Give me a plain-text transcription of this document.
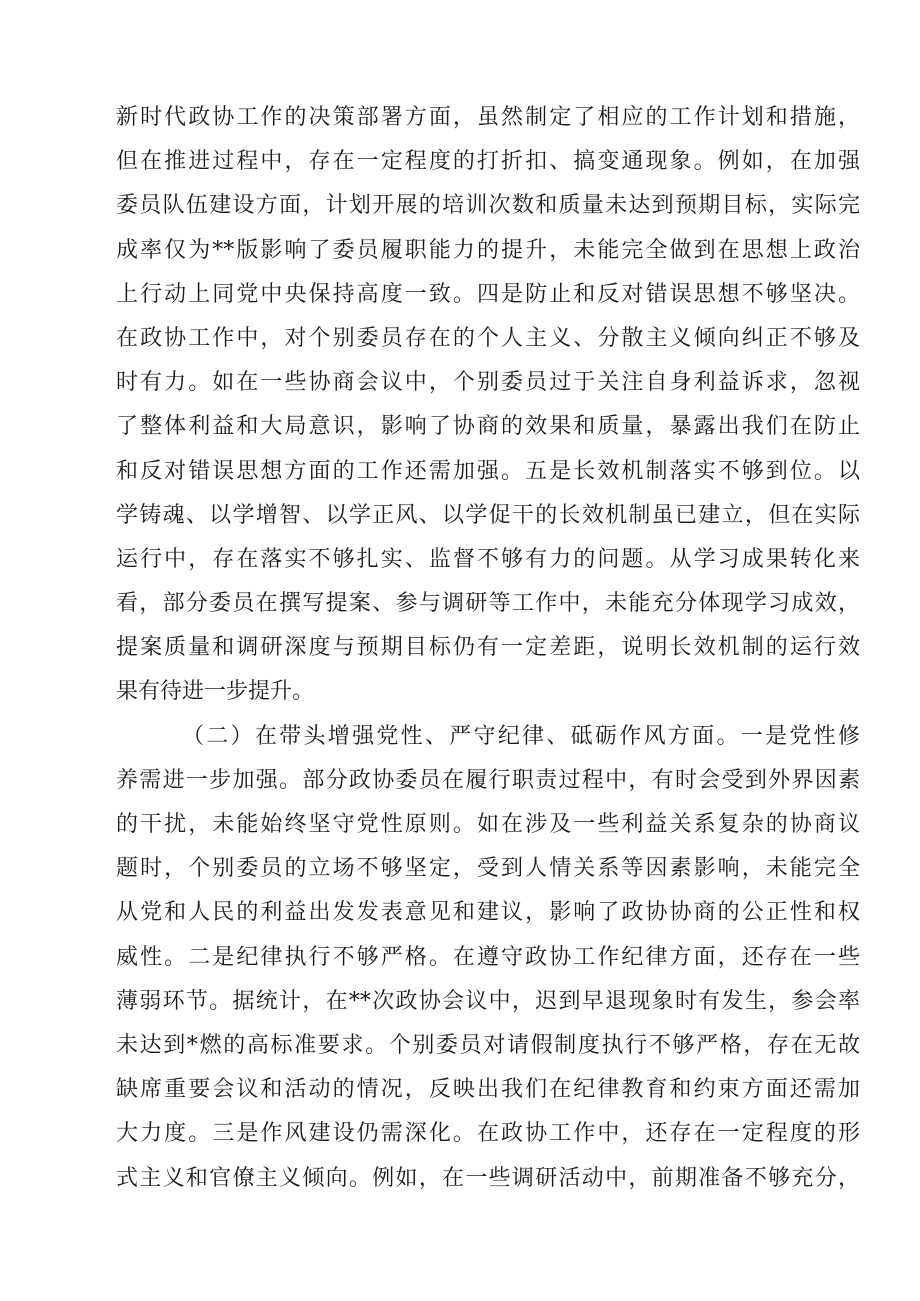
新时代政协工作的决策部署方面，虽然制定了相应的工作计划和措施，
但在推进过程中，存在一定程度的打折扣、搞变通现象。例如，在加强
委员队伍建设方面，计划开展的培训次数和质量未达到预期目标，实际完
成率仅为**版影响了委员履职能力的提升，未能完全做到在思想上政治
上行动上同党中央保持高度一致。四是防止和反对错误思想不够坚决。
在政协工作中，对个别委员存在的个人主义、分散主义倾向纠正不够及
时有力。如在一些协商会议中，个别委员过于关注自身利益诉求，忽视
了整体利益和大局意识，影响了协商的效果和质量，暴露出我们在防止
和反对错误思想方面的工作还需加强。五是长效机制落实不够到位。以
学铸魂、以学增智、以学正风、以学促干的长效机制虽已建立，但在实际
运行中，存在落实不够扎实、监督不够有力的问题。从学习成果转化来
看，部分委员在撰写提案、参与调研等工作中，未能充分体现学习成效，
提案质量和调研深度与预期目标仍有一定差距，说明长效机制的运行效
果有待进一步提升。
（二）在带头增强党性、严守纪律、砥砺作风方面。一是党性修
养需进一步加强。部分政协委员在履行职责过程中，有时会受到外界因素
的干扰，未能始终坚守党性原则。如在涉及一些利益关系复杂的协商议
题时，个别委员的立场不够坚定，受到人情关系等因素影响，未能完全
从党和人民的利益出发发表意见和建议，影响了政协协商的公正性和权
威性。二是纪律执行不够严格。在遵守政协工作纪律方面，还存在一些
薄弱环节。据统计，在**次政协会议中，迟到早退现象时有发生，参会率
未达到*燃的高标准要求。个别委员对请假制度执行不够严格，存在无故
缺席重要会议和活动的情况，反映出我们在纪律教育和约束方面还需加
大力度。三是作风建设仍需深化。在政协工作中，还存在一定程度的形
式主义和官僚主义倾向。例如，在一些调研活动中，前期准备不够充分，
